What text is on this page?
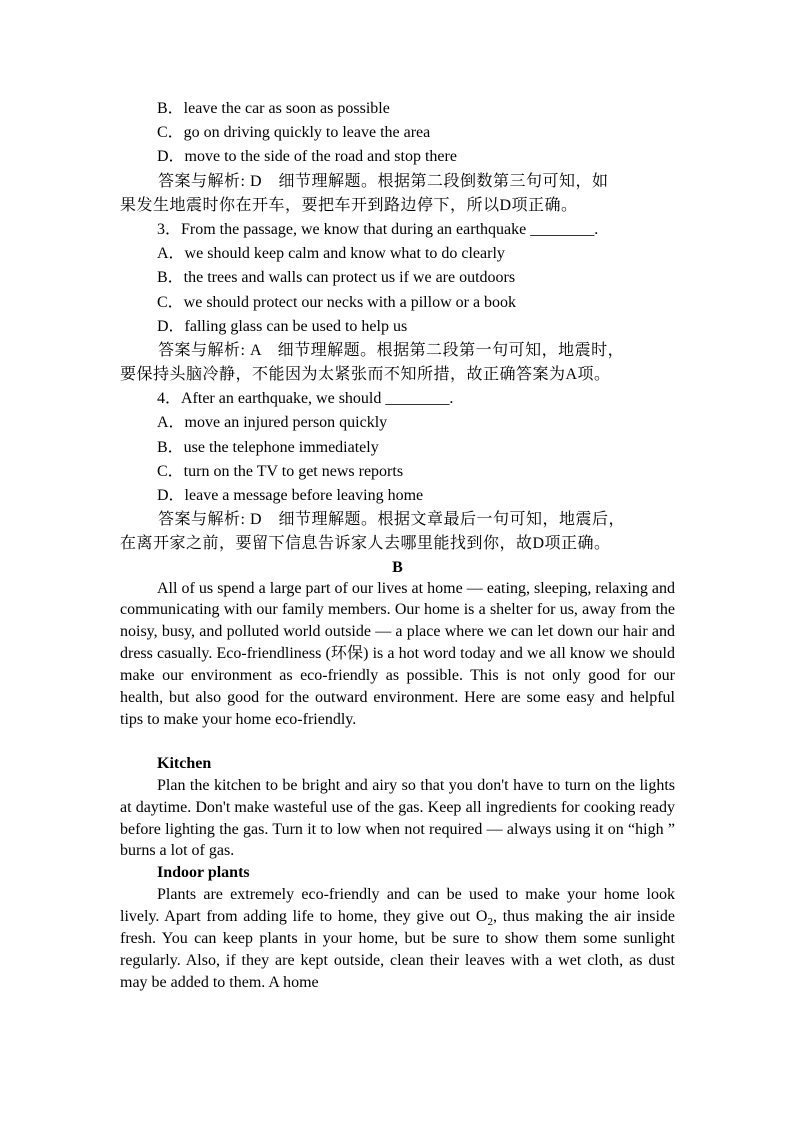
B．leave the car as soon as possible
C．go on driving quickly to leave the area
D．move to the side of the road and stop there
答案与解析: D　细节理解题。根据第二段倒数第三句可知，如
果发生地震时你在开车，要把车开到路边停下，所以D项正确。
3．From the passage, we know that during an earthquake ________.
A．we should keep calm and know what to do clearly
B．the trees and walls can protect us if we are outdoors
C．we should protect our necks with a pillow or a book
D．falling glass can be used to help us
答案与解析: A　细节理解题。根据第二段第一句可知，地震时，
要保持头脑冷静，不能因为太紧张而不知所措，故正确答案为A项。
4．After an earthquake, we should ________.
A．move an injured person quickly
B．use the telephone immediately
C．turn on the TV to get news reports
D．leave a message before leaving home
答案与解析: D　细节理解题。根据文章最后一句可知，地震后，
在离开家之前，要留下信息告诉家人去哪里能找到你，故D项正确。
B

All of us spend a large part of our lives at home — eating, sleeping, relaxing and communicating with our family members. Our home is a shelter for us, away from the noisy, busy, and polluted world outside — a place where we can let down our hair and dress casually. Eco-friendliness (环保) is a hot word today and we all know we should make our environment as eco-friendly as possible. This is not only good for our health, but also good for the outward environment. Here are some easy and helpful tips to make your home eco-friendly.

Kitchen

Plan the kitchen to be bright and airy so that you don't have to turn on the lights at daytime. Don't make wasteful use of the gas. Keep all ingredients for cooking ready before lighting the gas. Turn it to low when not required — always using it on “high ” burns a lot of gas.

Indoor plants

Plants are extremely eco-friendly and can be used to make your home look lively. Apart from adding life to home, they give out $O_2$, thus making the air inside fresh. You can keep plants in your home, but be sure to show them some sunlight regularly. Also, if they are kept outside, clean their leaves with a wet cloth, as dust may be added to them. A home
